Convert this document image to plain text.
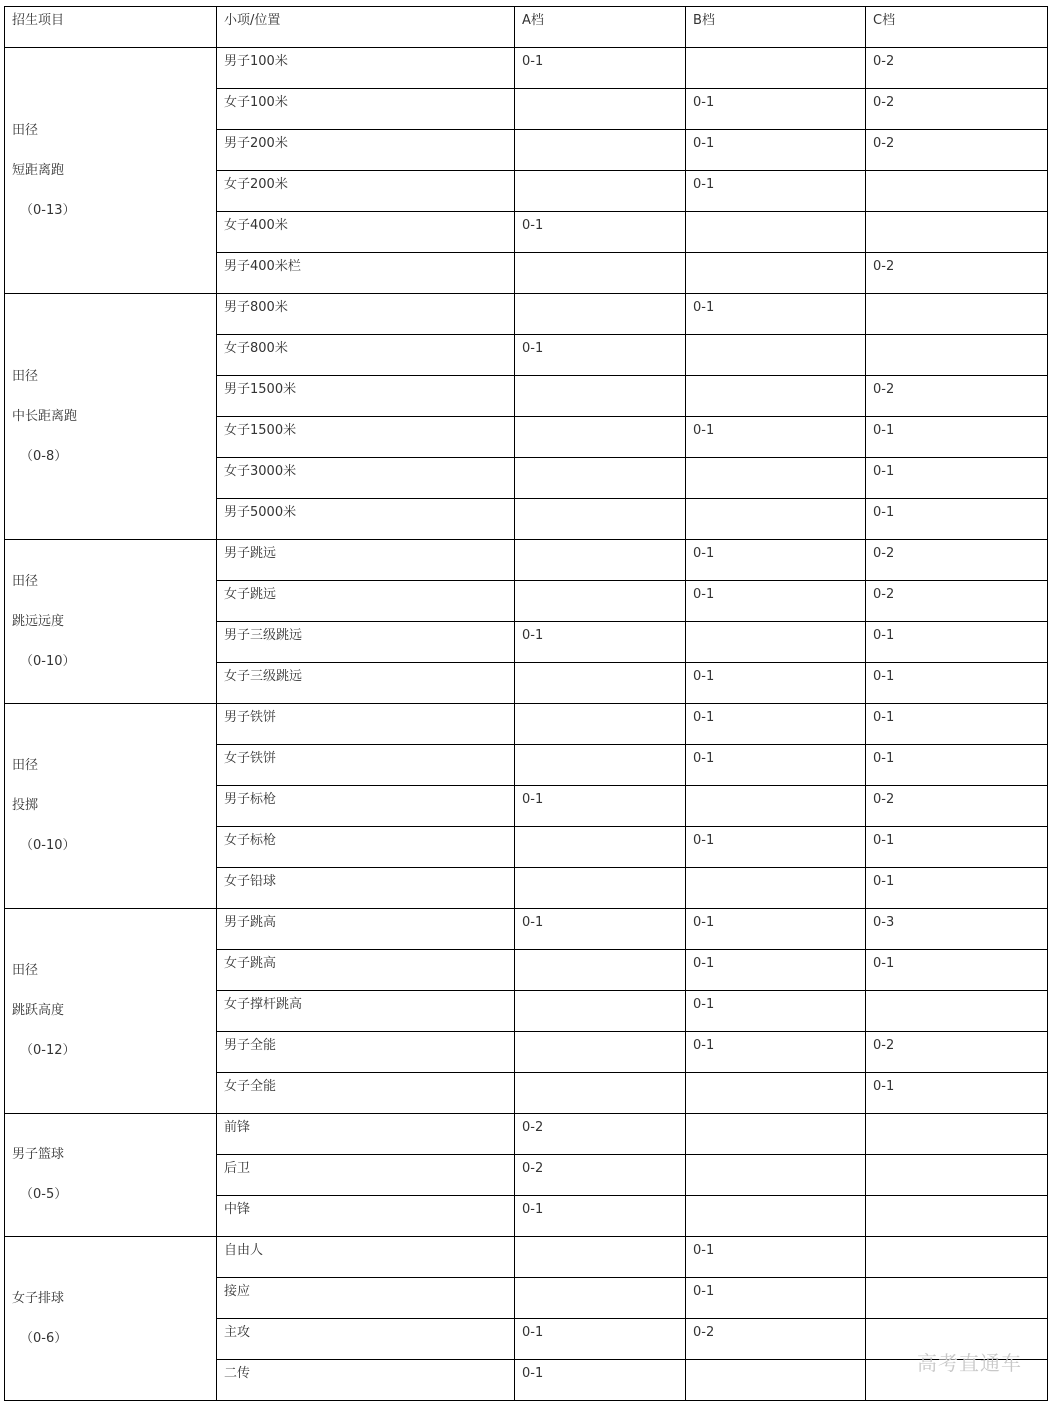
招生项目	小项/位置	A档	B档	C档

田径
短距离跑
（0-13）	男子100米	0-1		0-2
	女子100米		0-1	0-2
	男子200米		0-1	0-2
	女子200米		0-1	
	女子400米	0-1		
	男子400米栏			0-2

田径
中长距离跑
（0-8）	男子800米		0-1	
	女子800米	0-1		
	男子1500米			0-2
	女子1500米		0-1	0-1
	女子3000米			0-1
	男子5000米			0-1

田径
跳远远度
（0-10）	男子跳远		0-1	0-2
	女子跳远		0-1	0-2
	男子三级跳远	0-1		0-1
	女子三级跳远		0-1	0-1

田径
投掷
（0-10）	男子铁饼		0-1	0-1
	女子铁饼		0-1	0-1
	男子标枪	0-1		0-2
	女子标枪		0-1	0-1
	女子铅球			0-1

田径
跳跃高度
（0-12）	男子跳高	0-1	0-1	0-3
	女子跳高		0-1	0-1
	女子撑杆跳高		0-1	
	男子全能		0-1	0-2
	女子全能			0-1

男子篮球
（0-5）	前锋	0-2		
	后卫	0-2		
	中锋	0-1		

女子排球
（0-6）	自由人		0-1	
	接应		0-1	
	主攻	0-1	0-2	
	二传	0-1			高考直通车
